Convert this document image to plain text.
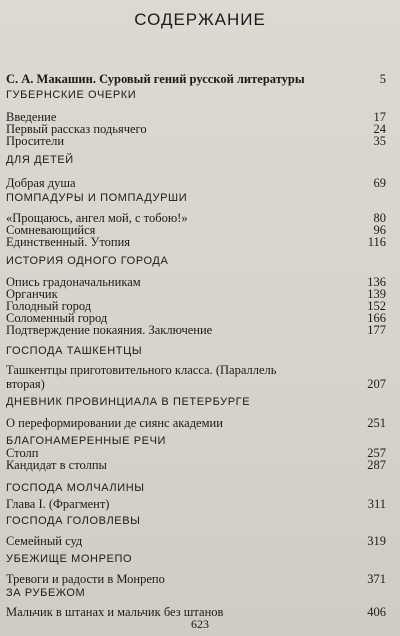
СОДЕРЖАНИЕ
С. А. Макашин. Суровый гений русской литературы	5
ГУБЕРНСКИЕ ОЧЕРКИ
Введение	17
Первый рассказ подьячего	24
Просители	35
ДЛЯ ДЕТЕЙ
Добрая душа	69
ПОМПАДУРЫ И ПОМПАДУРШИ
«Прощаюсь, ангел мой, с тобою!»	80
Сомневающийся	96
Единственный. Утопия	116
ИСТОРИЯ ОДНОГО ГОРОДА
Опись градоначальникам	136
Органчик	139
Голодный город	152
Соломенный город	166
Подтверждение покаяния. Заключение	177
ГОСПОДА ТАШКЕНТЦЫ
Ташкентцы приготовительного класса. (Параллель
вторая)	207
ДНЕВНИК ПРОВИНЦИАЛА В ПЕТЕРБУРГЕ
О переформировании де сиянс академии	251
БЛАГОНАМЕРЕННЫЕ РЕЧИ
Столп	257
Кандидат в столпы	287
ГОСПОДА МОЛЧАЛИНЫ
Глава I. (Фрагмент)	311
ГОСПОДА ГОЛОВЛЕВЫ
Семейный суд	319
УБЕЖИЩЕ МОНРЕПО
Тревоги и радости в Монрепо	371
ЗА РУБЕЖОМ
Мальчик в штанах и мальчик без штанов	406
623
